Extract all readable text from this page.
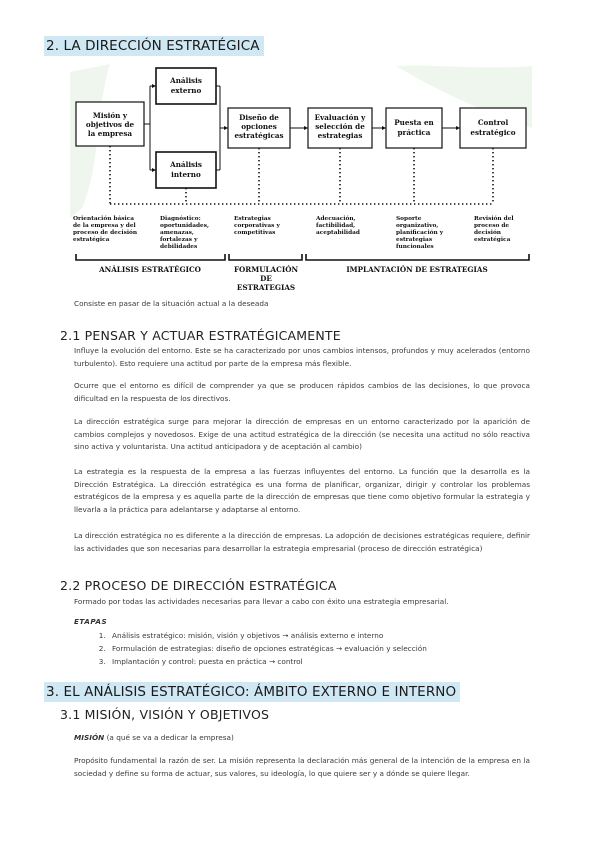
2. LA DIRECCIÓN ESTRATÉGICA
Misión y
objetivos de
la empresa
Análisis
externo
Análisis
interno
Diseño de
opciones
estratégicas
Evaluación y
selección de
estrategias
Puesta en
práctica
Control
estratégico
Orientación básica
de la empresa y del
proceso de decisión
estratégica
Diagnóstico:
oportunidades,
amenazas,
fortalezas y
debilidades
Estrategias
corporativas y
competitivas
Adecuación,
factibilidad,
aceptabilidad
Soporte
organizativo,
planificación y
estrategias
funcionales
Revisión del
proceso de
decisión
estratégica
ANÁLISIS ESTRATÉGICO	FORMULACIÓN
DE
ESTRATEGIAS
IMPLANTACIÓN DE ESTRATEGIAS

Consiste en pasar de la situación actual a la deseada

2.1 PENSAR Y ACTUAR ESTRATÉGICAMENTE

Influye la evolución del entorno. Este se ha caracterizado por unos cambios intensos, profundos y muy acelerados (entorno turbulento). Esto requiere una actitud por parte de la empresa más flexible.

Ocurre que el entorno es difícil de comprender ya que se producen rápidos cambios de las decisiones, lo que provoca dificultad en la respuesta de los directivos.

La dirección estratégica surge para mejorar la dirección de empresas en un entorno caracterizado por la aparición de cambios complejos y novedosos. Exige de una actitud estratégica de la dirección (se necesita una actitud no sólo reactiva sino activa y voluntarista. Una actitud anticipadora y de aceptación al cambio)

La estrategia es la respuesta de la empresa a las fuerzas influyentes del entorno. La función que la desarrolla es la Dirección Estratégica. La dirección estratégica es una forma de planificar, organizar, dirigir y controlar los problemas estratégicos de la empresa y es aquella parte de la dirección de empresas que tiene como objetivo formular la estrategia y llevarla a la práctica para adelantarse y adaptarse al entorno.

La dirección estratégica no es diferente a la dirección de empresas. La adopción de decisiones estratégicas requiere, definir las actividades que son necesarias para desarrollar la estrategia empresarial (proceso de dirección estratégica)

2.2 PROCESO DE DIRECCIÓN ESTRATÉGICA

Formado por todas las actividades necesarias para llevar a cabo con éxito una estrategia empresarial.

ETAPAS

1. Análisis estratégico: misión, visión y objetivos → análisis externo e interno
2. Formulación de estrategias: diseño de opciones estratégicas → evaluación y selección
3. Implantación y control: puesta en práctica → control
3. EL ANÁLISIS ESTRATÉGICO: ÁMBITO EXTERNO E INTERNO
3.1 MISIÓN, VISIÓN Y OBJETIVOS

MISIÓN (a qué se va a dedicar la empresa)

Propósito fundamental la razón de ser. La misión representa la declaración más general de la intención de la empresa en la sociedad y define su forma de actuar, sus valores, su ideología, lo que quiere ser y a dónde se quiere llegar.
